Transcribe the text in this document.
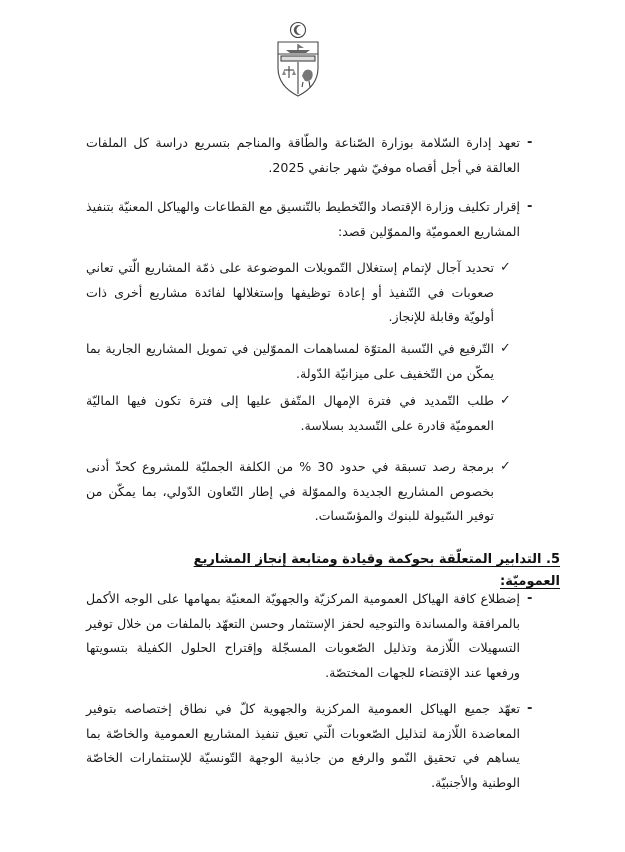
-
تعهد إدارة السّلامة بوزارة الصّناعة والطّاقة والمناجم بتسريع دراسة كل الملفات العالقة في أجل أقصاه موفيّ شهر جانفي 2025.
-
إقرار تكليف وزارة الإقتصاد والتّخطيط بالتّنسيق مع القطاعات والهياكل المعنيّة بتنفيذ المشاريع العموميّة والمموّلين قصد:
✓
تحديد آجال لإتمام إستغلال التّمويلات الموضوعة على ذمّة المشاريع الّتي تعاني صعوبات في التّنفيذ أو إعادة توظيفها وإستغلالها لفائدة مشاريع أخرى ذات أولويّة وقابلة للإنجاز.
✓
التّرفيع في النّسبة المتوّة لمساهمات المموّلين في تمويل المشاريع الجارية بما يمكّن من التّخفيف على ميزانيّة الدّولة.
✓
طلب التّمديد في فترة الإمهال المتّفق عليها إلى فترة تكون فيها الماليّة العموميّة قادرة على التّسديد بسلاسة.
✓
برمجة رصد تسبقة في حدود 30 % من الكلفة الجمليّة للمشروع كحدّ أدنى بخصوص المشاريع الجديدة والمموّلة في إطار التّعاون الدّولي، بما يمكّن من توفير السّيولة للبنوك والمؤسّسات.
5. التدابير المتعلّقة بحوكمة وقيادة ومتابعة إنجاز المشاريع العموميّة:
-
إضطلاع كافة الهياكل العمومية المركزيّة والجهويّة المعنيّة بمهامها على الوجه الأكمل بالمرافقة والمساندة والتوجيه لحفز الإستثمار وحسن التعهّد بالملفات من خلال توفير التسهيلات اللّازمة وتذليل الصّعوبات المسجّلة وإقتراح الحلول الكفيلة بتسويتها ورفعها عند الإقتضاء للجهات المختصّة.
-
تعهّد جميع الهياكل العمومية المركزية والجهوية كلّ في نطاق إختصاصه بتوفير المعاضدة اللّازمة لتذليل الصّعوبات الّتي تعيق تنفيذ المشاريع العمومية والخاصّة بما يساهم في تحقيق النّمو والرفع من جاذبية الوجهة التّونسيّة للإستثمارات الخاصّة الوطنية والأجنبيّة.
